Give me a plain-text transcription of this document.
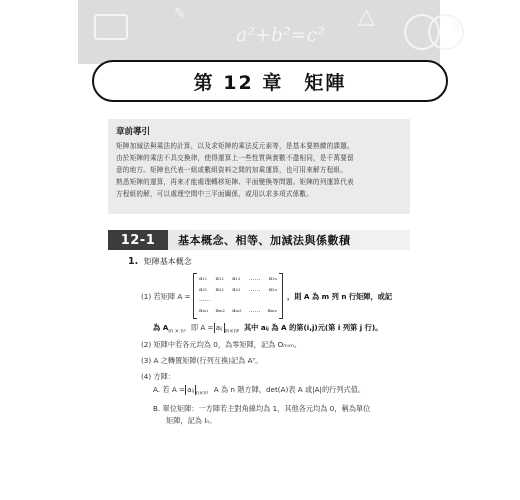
✎
a²+b²=c²
△	B
第 12 章　矩陣
章前導引
矩陣加減法與乘法的計算，以及求矩陣的乘法反元素等，是基本要熟練的課題。
由於矩陣的乘法不具交換律，使得運算上一些性質與實數不盡相同，是千萬要留
意的地方。矩陣也代表一組或數組資料之間的加乘運算，也可用來解方程組。
熟悉矩陣的運算，再來才能處理轉移矩陣、平面變換等問題。矩陣的列運算代表
方程組的解，可以處理空間中三平面關係，或用以求多項式係數。
12-1	基本概念、相等、加減法與係數積
1. 矩陣基本概念
(1) 若矩陣 A =
a₁₁ a₁₂ a₁₃ …… a₁ₙ
a₂₁ a₂₂ a₂₃ …… a₂ₙ
……
aₘ₁ aₘ₂ aₘ₃ …… aₘₙ
，則 A 為 m 列 n 行矩陣，或記
為 $A_{m \times n}$，即 A = aᵢⱼ $_{m\times n}$，其中 aᵢⱼ 為 A 的第(i,j)元(第 i 列第 j 行)。
(2) 矩陣中若各元均為 0，為零矩陣，記為 Oₘₓₙ。
(3) A 之轉置矩陣(行列互換)記為 Aᵀ。
(4) 方陣：
A. 若 A = aᵢⱼ $_{n\times n}$，A 為 n 階方陣，det(A)表 A 或|A|的行列式值。
B. 單位矩陣：一方陣若主對角線均為 1，其他各元均為 0，稱為單位
矩陣，記為 Iₙ。
